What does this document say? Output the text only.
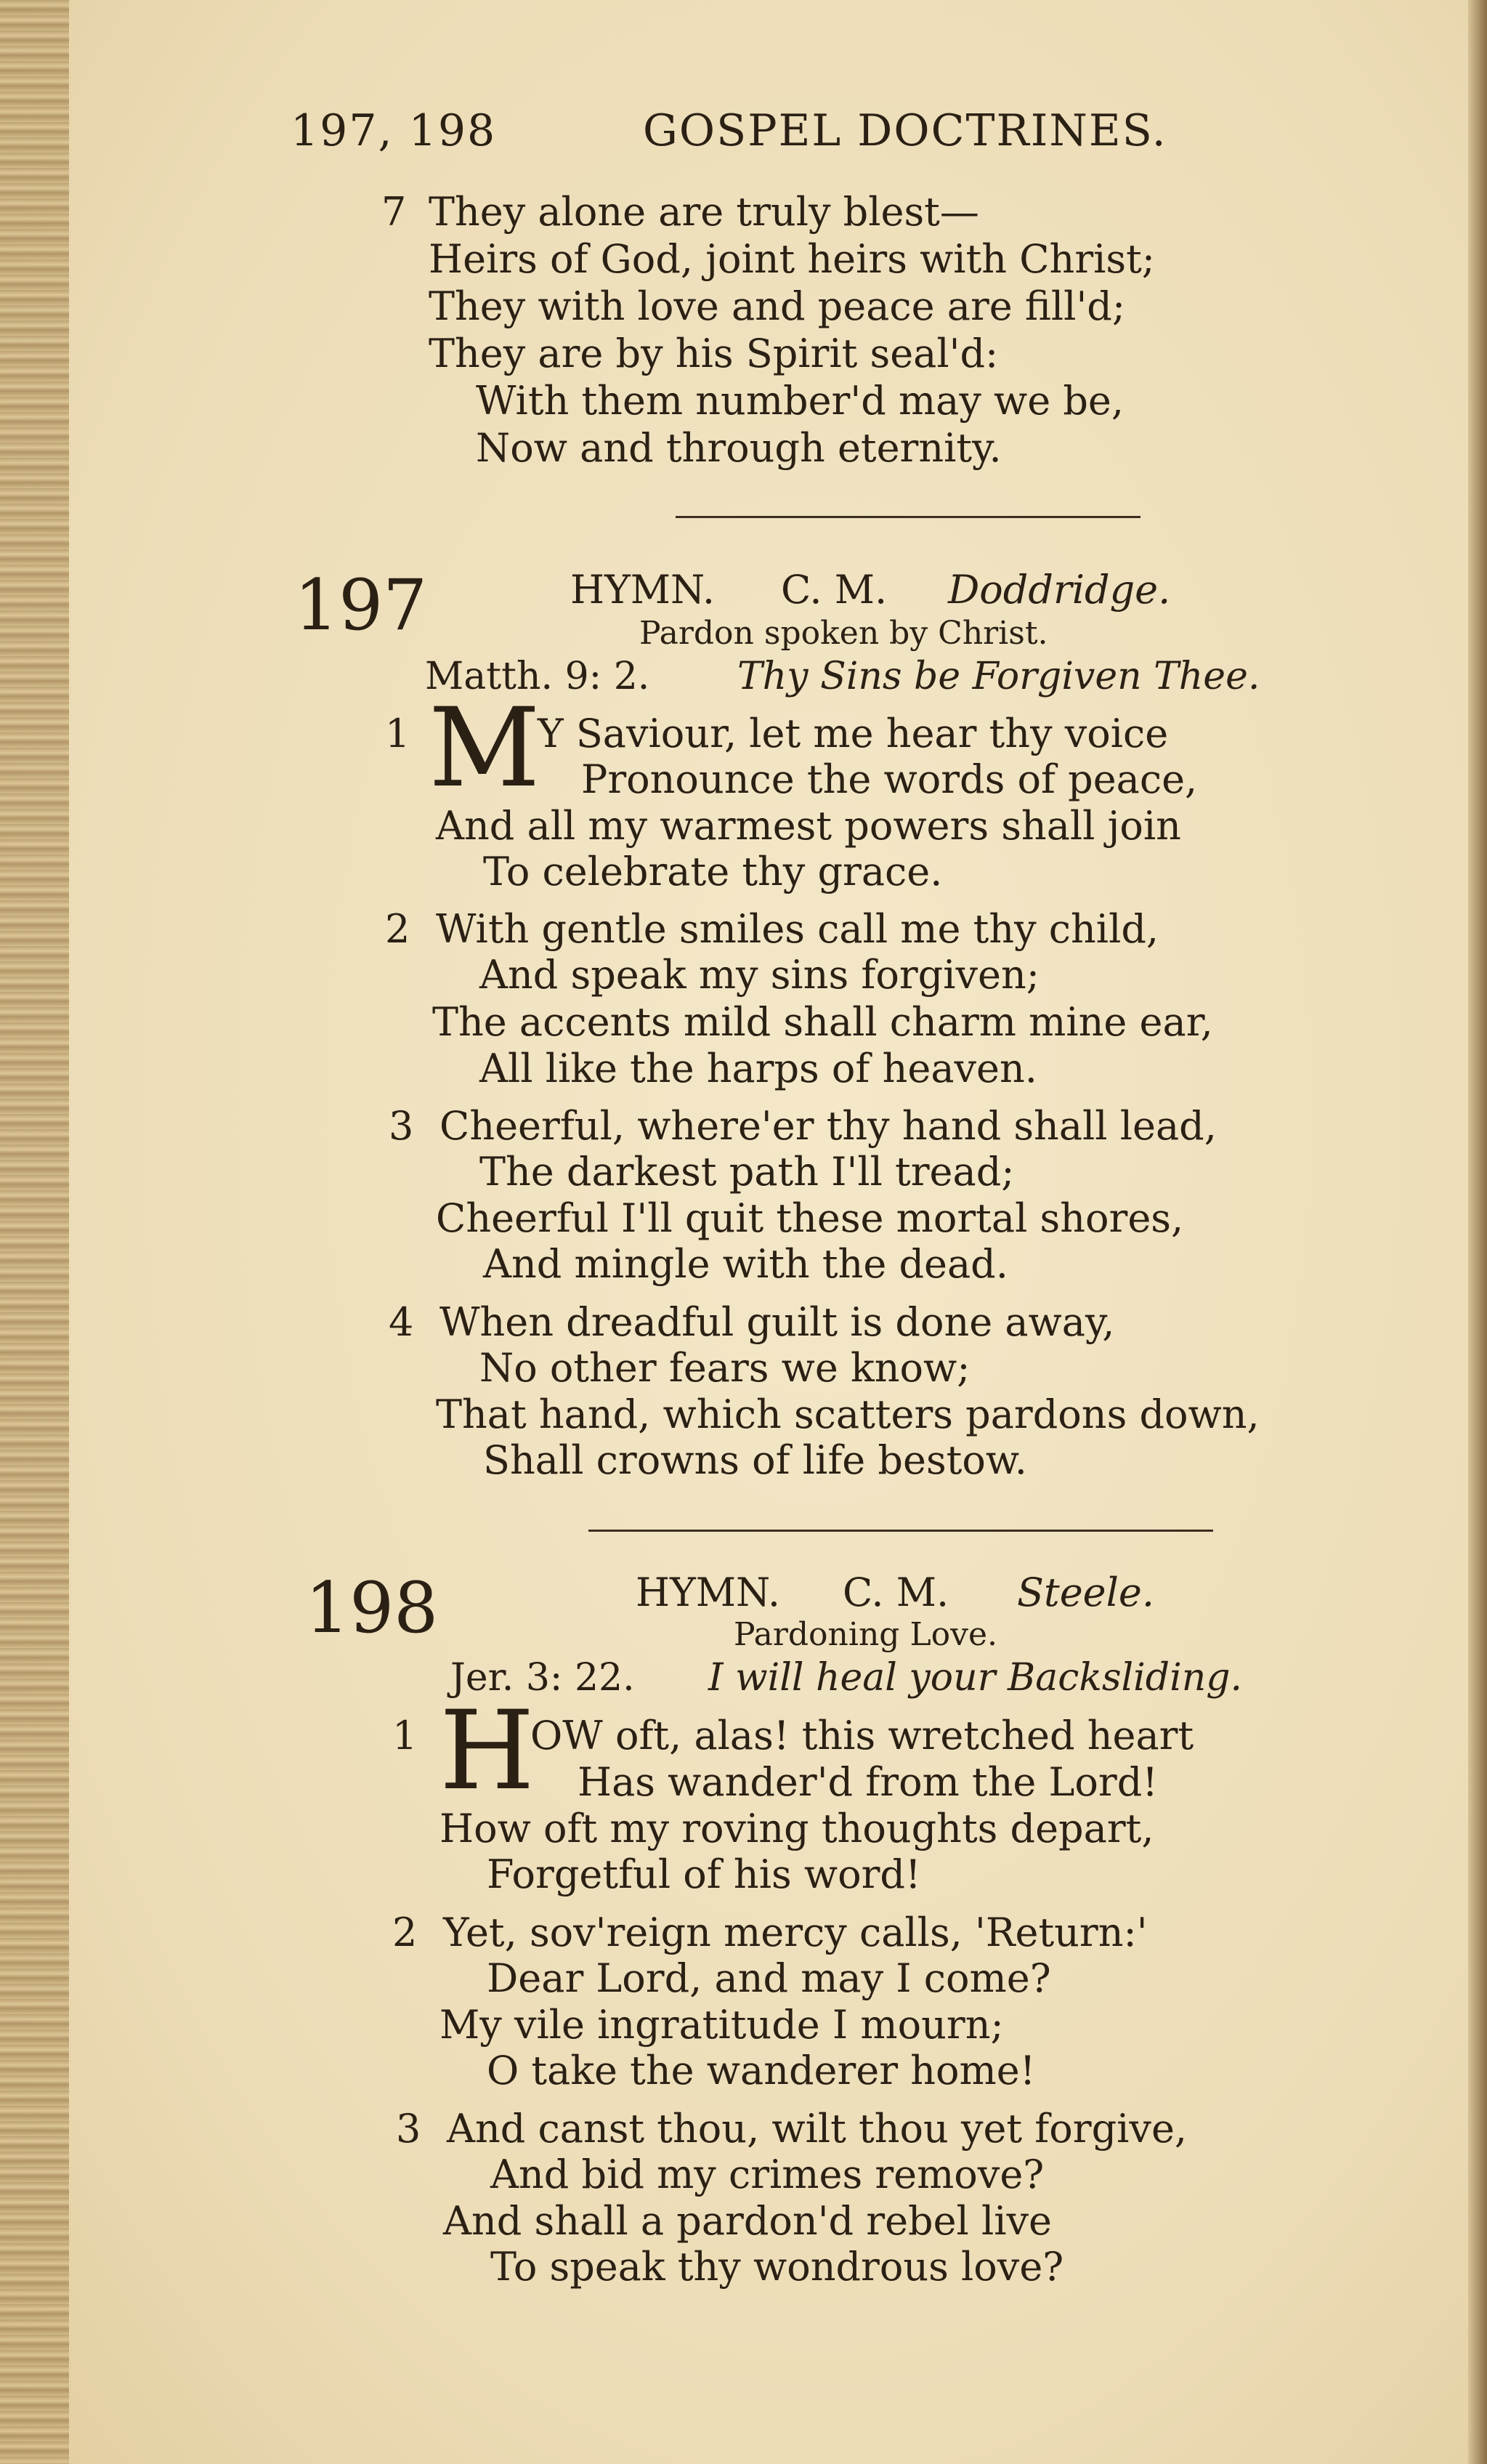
197, 198	GOSPEL DOCTRINES.
7 They alone are truly blest—
Heirs of God, joint heirs with Christ;
They with love and peace are fill'd;
They are by his Spirit seal'd:
With them number'd may we be,
Now and through eternity.
197	HYMN. C. M. Doddridge.
Pardon spoken by Christ.
Matth. 9: 2. Thy Sins be Forgiven Thee.
1 M
Y Saviour, let me hear thy voice
Pronounce the words of peace,
And all my warmest powers shall join
To celebrate thy grace.
2 With gentle smiles call me thy child,
And speak my sins forgiven;
The accents mild shall charm mine ear,
All like the harps of heaven.
3 Cheerful, where'er thy hand shall lead,
The darkest path I'll tread;
Cheerful I'll quit these mortal shores,
And mingle with the dead.
4 When dreadful guilt is done away,
No other fears we know;
That hand, which scatters pardons down,
Shall crowns of life bestow.
198	HYMN. C. M. Steele.
Pardoning Love.
Jer. 3: 22. I will heal your Backsliding.
1 H
OW oft, alas! this wretched heart
Has wander'd from the Lord!
How oft my roving thoughts depart,
Forgetful of his word!
2 Yet, sov'reign mercy calls, 'Return:'
Dear Lord, and may I come?
My vile ingratitude I mourn;
O take the wanderer home!
3 And canst thou, wilt thou yet forgive,
And bid my crimes remove?
And shall a pardon'd rebel live
To speak thy wondrous love?
